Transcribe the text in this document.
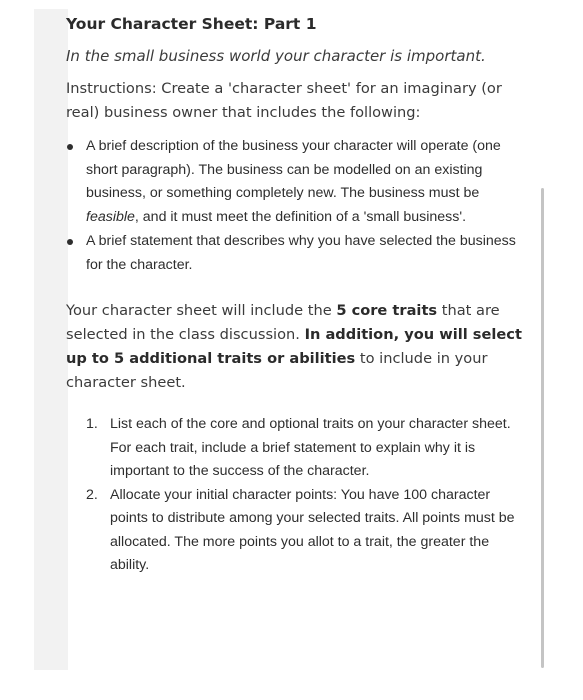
Your Character Sheet: Part 1
In the small business world your character is important.

Instructions: Create a 'character sheet' for an imaginary (or real) business owner that includes the following:

A brief description of the business your character will operate (one short paragraph). The business can be modelled on an existing business, or something completely new. The business must be feasible, and it must meet the definition of a 'small business'.
A brief statement that describes why you have selected the business for the character.

Your character sheet will include the 5 core traits that are selected in the class discussion. In addition, you will select up to 5 additional traits or abilities to include in your character sheet.

1. List each of the core and optional traits on your character sheet. For each trait, include a brief statement to explain why it is important to the success of the character.
2. Allocate your initial character points: You have 100 character points to distribute among your selected traits. All points must be allocated. The more points you allot to a trait, the greater the ability.
